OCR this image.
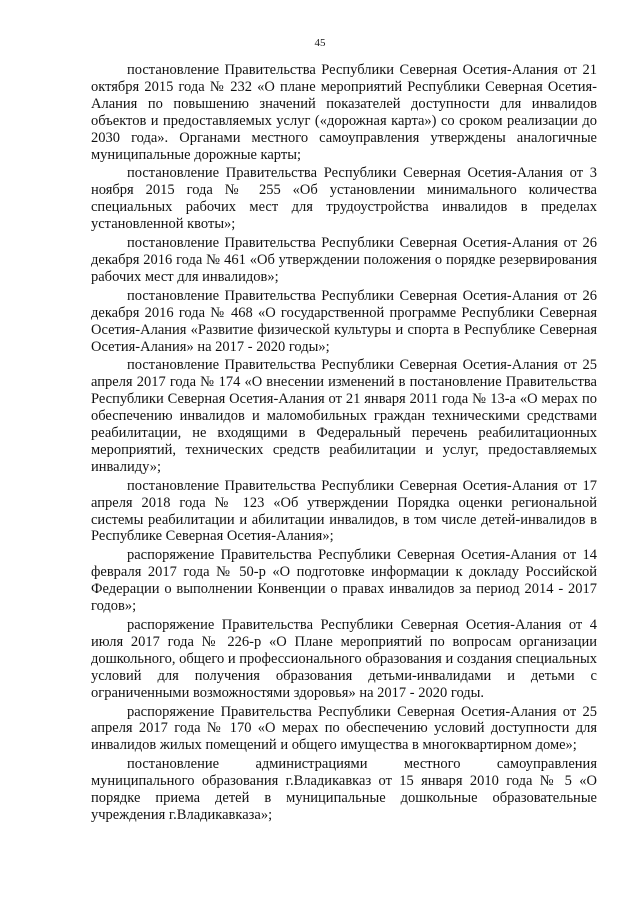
45

постановление Правительства Республики Северная Осетия-Алания от 21 октября 2015 года № 232 «О плане мероприятий Республики Северная Осетия-Алания по повышению значений показателей доступности для инвалидов объектов и предоставляемых услуг («дорожная карта») со сроком реализации до 2030 года». Органами местного самоуправления утверждены аналогичные муниципальные дорожные карты;

постановление Правительства Республики Северная Осетия-Алания от 3 ноября 2015 года № 255 «Об установлении минимального количества специальных рабочих мест для трудоустройства инвалидов в пределах установленной квоты»;

постановление Правительства Республики Северная Осетия-Алания от 26 декабря 2016 года № 461 «Об утверждении положения о порядке резервирования рабочих мест для инвалидов»;

постановление Правительства Республики Северная Осетия-Алания от 26 декабря 2016 года № 468 «О государственной программе Республики Северная Осетия-Алания «Развитие физической культуры и спорта в Республике Северная Осетия-Алания» на 2017 - 2020 годы»;

постановление Правительства Республики Северная Осетия-Алания от 25 апреля 2017 года № 174 «О внесении изменений в постановление Правительства Республики Северная Осетия-Алания от 21 января 2011 года № 13-а «О мерах по обеспечению инвалидов и маломобильных граждан техническими средствами реабилитации, не входящими в Федеральный перечень реабилитационных мероприятий, технических средств реабилитации и услуг, предоставляемых инвалиду»;

постановление Правительства Республики Северная Осетия-Алания от 17 апреля 2018 года № 123 «Об утверждении Порядка оценки региональной системы реабилитации и абилитации инвалидов, в том числе детей-инвалидов в Республике Северная Осетия-Алания»;

распоряжение Правительства Республики Северная Осетия-Алания от 14 февраля 2017 года № 50-р «О подготовке информации к докладу Российской Федерации о выполнении Конвенции о правах инвалидов за период 2014 - 2017 годов»;

распоряжение Правительства Республики Северная Осетия-Алания от 4 июля 2017 года № 226-р «О Плане мероприятий по вопросам организации дошкольного, общего и профессионального образования и создания специальных условий для получения образования детьми-инвалидами и детьми с ограниченными возможностями здоровья» на 2017 - 2020 годы.

распоряжение Правительства Республики Северная Осетия-Алания от 25 апреля 2017 года № 170 «О мерах по обеспечению условий доступности для инвалидов жилых помещений и общего имущества в многоквартирном доме»;

постановление администрациями местного самоуправления муниципального образования г.Владикавказ от 15 января 2010 года № 5 «О порядке приема детей в муниципальные дошкольные образовательные учреждения г.Владикавказа»;
